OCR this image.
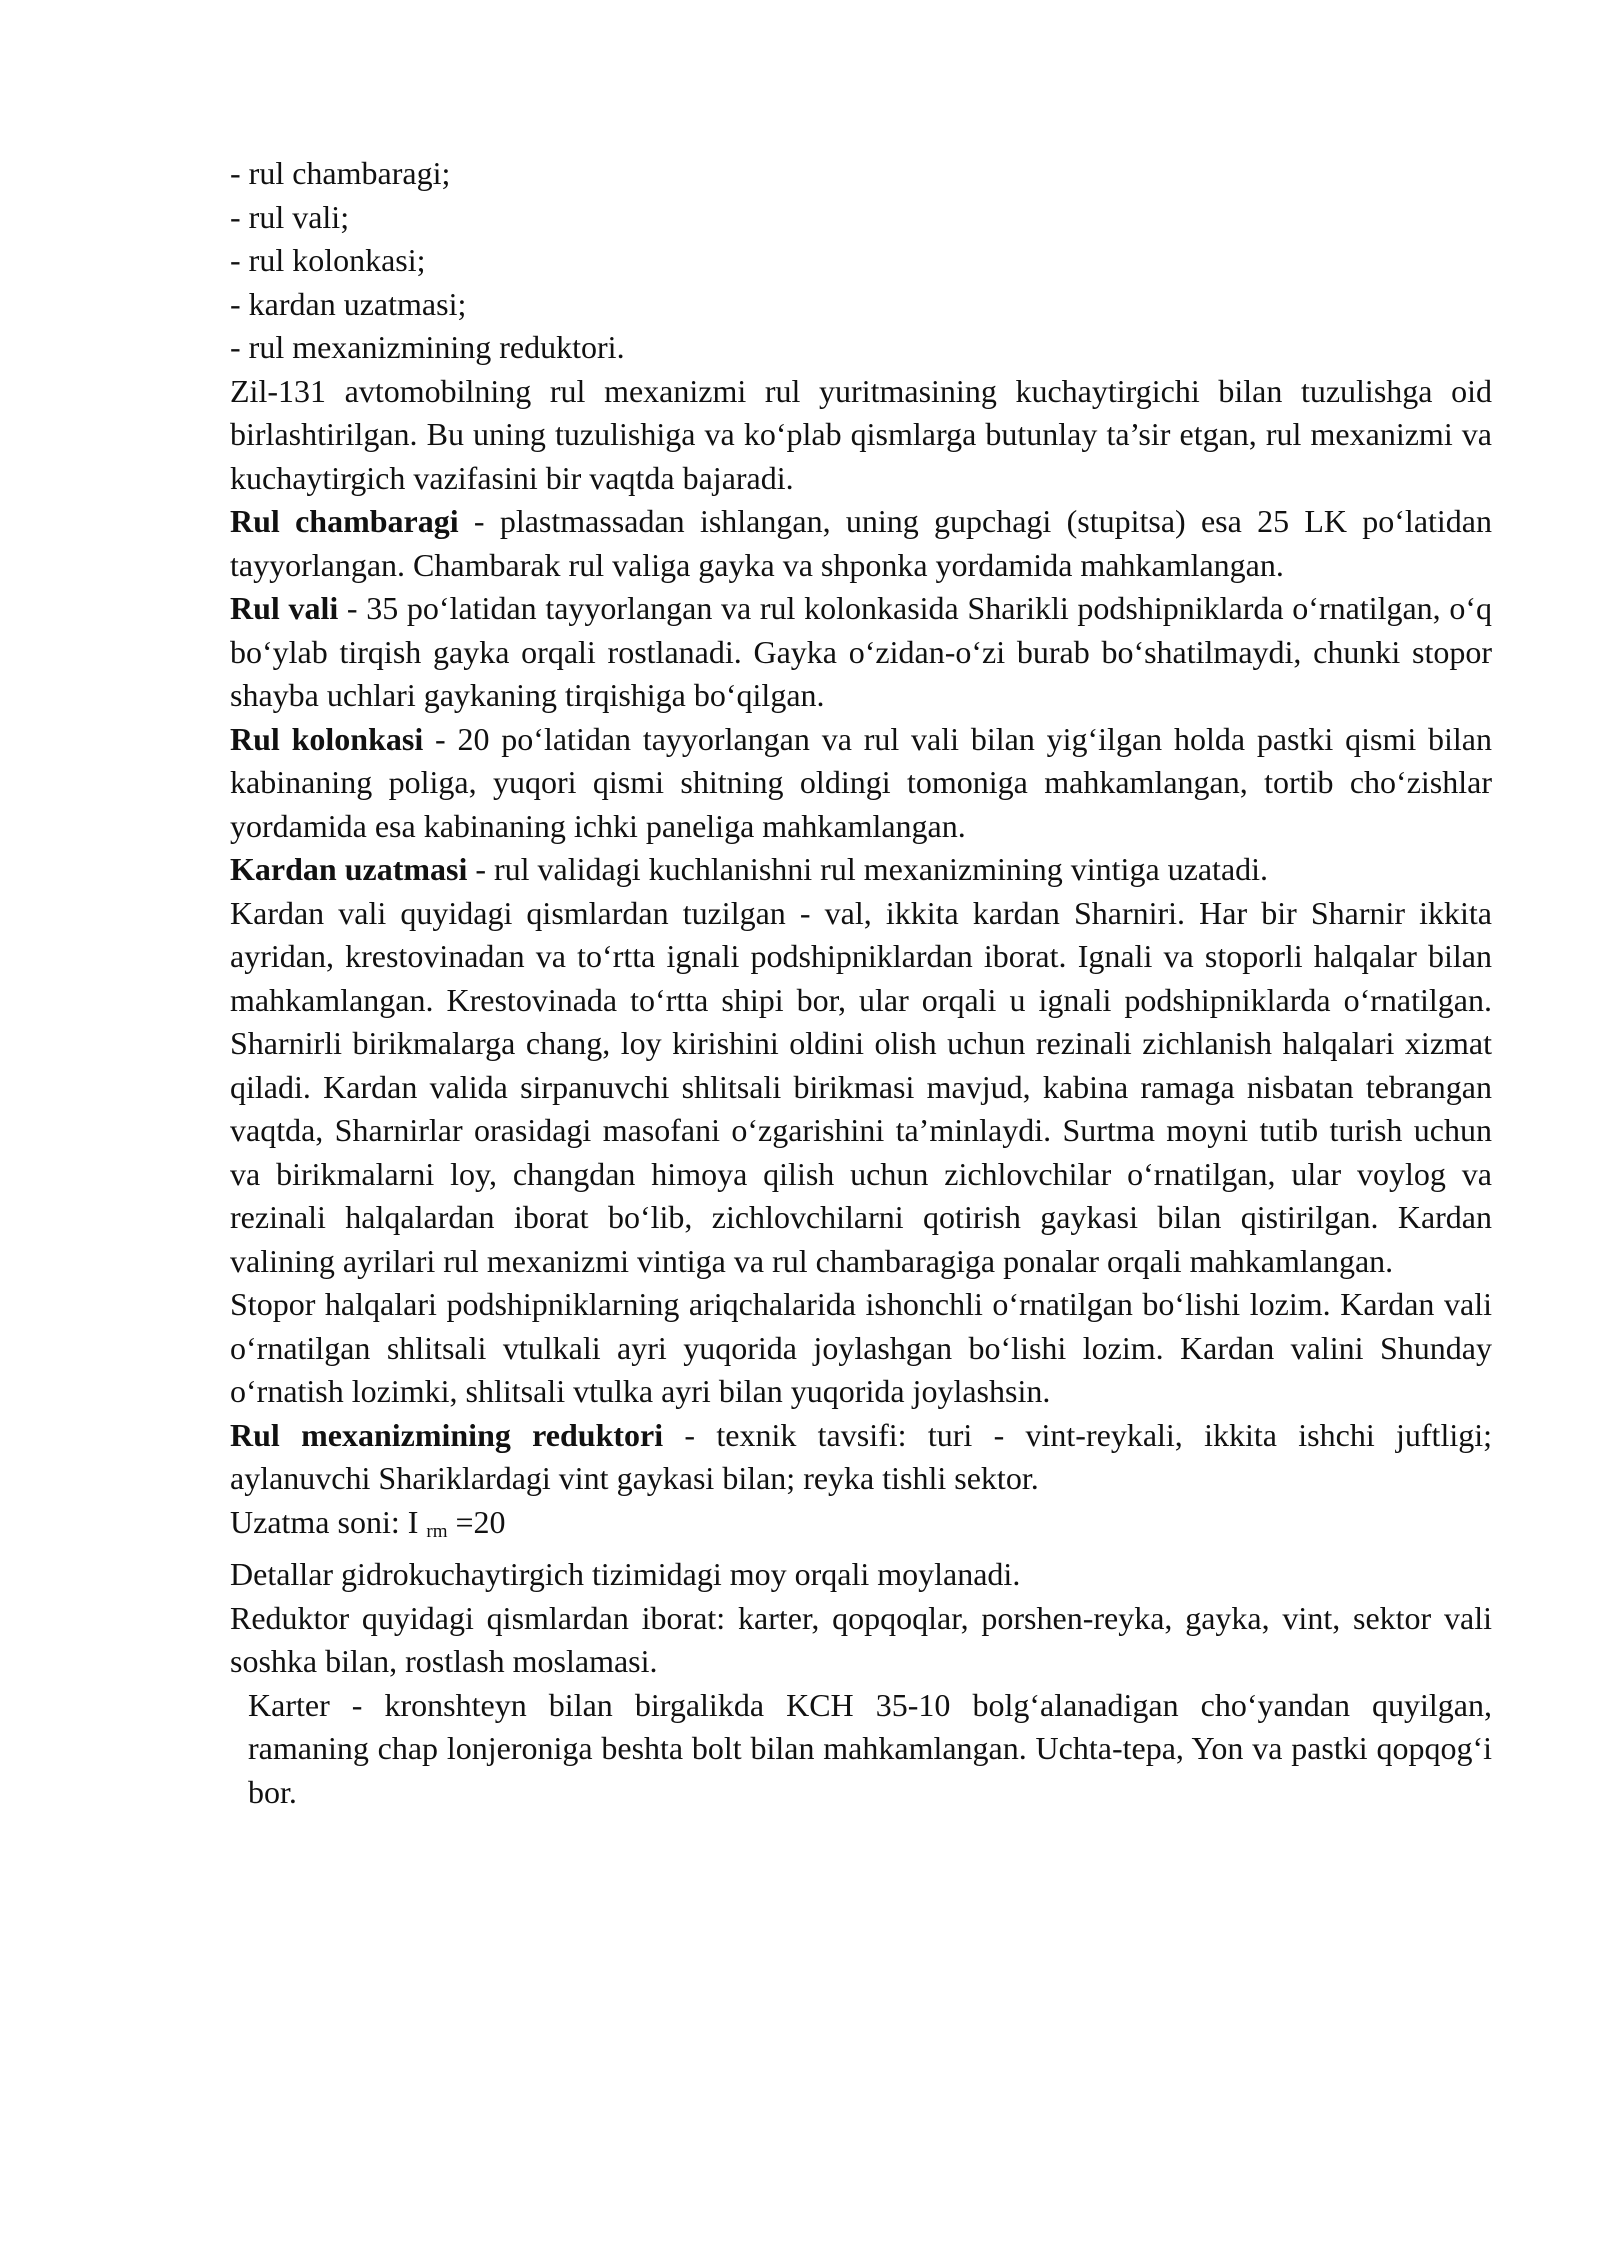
- rul chambaragi;
- rul vali;
- rul kolonkasi;
- kardan uzatmasi;
- rul mexanizmining reduktori.

Zil-131 avtomobilning rul mexanizmi rul yuritmasining kuchaytirgichi bilan tuzulishga oid birlashtirilgan. Bu uning tuzulishiga va ko‘plab qismlarga butunlay ta’sir etgan, rul mexanizmi va kuchaytirgich vazifasini bir vaqtda bajaradi.

Rul chambaragi - plastmassadan ishlangan, uning gupchagi (stupitsa) esa 25 LK po‘latidan tayyorlangan. Chambarak rul valiga gayka va shponka yordamida mahkamlangan.

Rul vali - 35 po‘latidan tayyorlangan va rul kolonkasida Sharikli podshipniklarda o‘rnatilgan, o‘q bo‘ylab tirqish gayka orqali rostlanadi. Gayka o‘zidan-o‘zi burab bo‘shatilmaydi, chunki stopor shayba uchlari gaykaning tirqishiga bo‘qilgan.

Rul kolonkasi - 20 po‘latidan tayyorlangan va rul vali bilan yig‘ilgan holda pastki qismi bilan kabinaning poliga, yuqori qismi shitning oldingi tomoniga mahkamlangan, tortib cho‘zishlar yordamida esa kabinaning ichki paneliga mahkamlangan.

Kardan uzatmasi - rul validagi kuchlanishni rul mexanizmining vintiga uzatadi.

Kardan vali quyidagi qismlardan tuzilgan - val, ikkita kardan Sharniri. Har bir Sharnir ikkita ayridan, krestovinadan va to‘rtta ignali podshipniklardan iborat. Ignali va stoporli halqalar bilan mahkamlangan. Krestovinada to‘rtta shipi bor, ular orqali u ignali podshipniklarda o‘rnatilgan. Sharnirli birikmalarga chang, loy kirishini oldini olish uchun rezinali zichlanish halqalari xizmat qiladi. Kardan valida sirpanuvchi shlitsali birikmasi mavjud, kabina ramaga nisbatan tebrangan vaqtda, Sharnirlar orasidagi masofani o‘zgarishini ta’minlaydi. Surtma moyni tutib turish uchun va birikmalarni loy, changdan himoya qilish uchun zichlovchilar o‘rnatilgan, ular voylog va rezinali halqalardan iborat bo‘lib, zichlovchilarni qotirish gaykasi bilan qistirilgan. Kardan valining ayrilari rul mexanizmi vintiga va rul chambaragiga ponalar orqali mahkamlangan.

Stopor halqalari podshipniklarning ariqchalarida ishonchli o‘rnatilgan bo‘lishi lozim. Kardan vali o‘rnatilgan shlitsali vtulkali ayri yuqorida joylashgan bo‘lishi lozim. Kardan valini Shunday o‘rnatish lozimki, shlitsali vtulka ayri bilan yuqorida joylashsin.

Rul mexanizmining reduktori - texnik tavsifi: turi - vint-reykali, ikkita ishchi juftligi; aylanuvchi Shariklardagi vint gaykasi bilan; reyka tishli sektor.

Uzatma soni: I $_{rm}$ =20
Detallar gidrokuchaytirgich tizimidagi moy orqali moylanadi.

Reduktor quyidagi qismlardan iborat: karter, qopqoqlar, porshen-reyka, gayka, vint, sektor vali soshka bilan, rostlash moslamasi.

Karter - kronshteyn bilan birgalikda KCH 35-10 bolg‘alanadigan cho‘yandan quyilgan, ramaning chap lonjeroniga beshta bolt bilan mahkamlangan. Uchta-tepa, Yon va pastki qopqog‘i bor.
